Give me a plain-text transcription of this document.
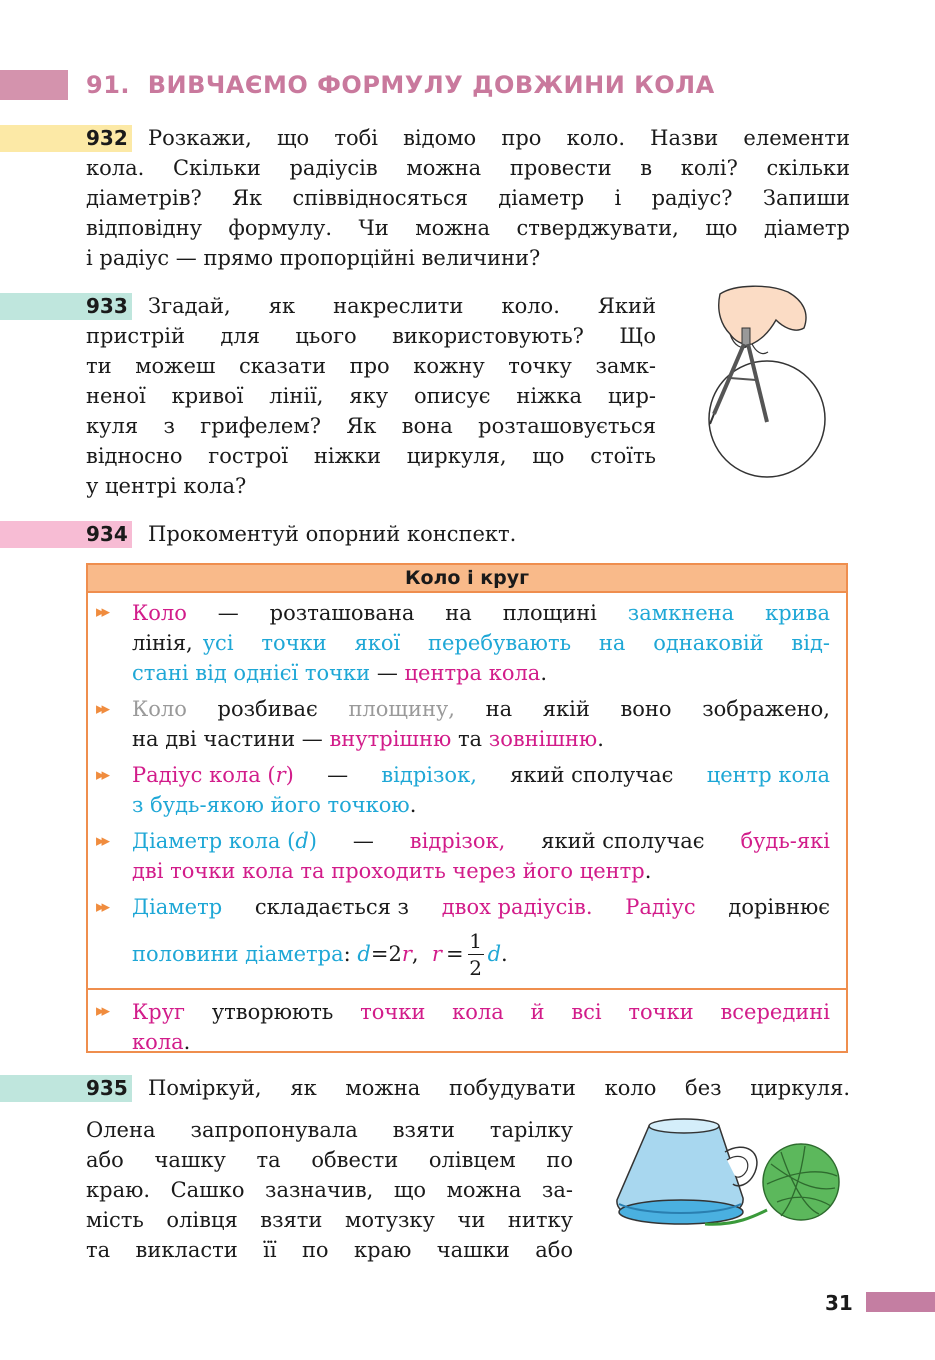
91. ВИВЧАЄМО ФОРМУЛУ ДОВЖИНИ КОЛА
932 Розкажи, що тобі відомо про коло. Назви елементи
кола. Скільки радіусів можна провести в колі? скільки
діаметрів? Як співвідносяться діаметр і радіус? Запиши
відповідну формулу. Чи можна стверджувати, що діаметр
і радіус — прямо пропорційні величини?
933 Згадай, як накреслити коло. Який
пристрій для цього використовують? Що
ти можеш сказати про кожну точку замк-
неної кривої лінії, яку описує ніжка цир-
куля з грифелем? Як вона розташовується
відносно гострої ніжки циркуля, що стоїть
у центрі кола?
934 Прокоментуй опорний конспект.
Коло і круг
▸▸
▸▸
▸▸
▸▸
▸▸
▸▸
Коло — розташована на площині замкнена крива
лінія, усі точки якої перебувають на однаковій від-
стані від однієї точки
—
центра кола .
Коло розбиває площину, на якій воно зображено,
на дві частини —
внутрішню
та
зовнішню .
Радіус кола (r) — відрізок, який сполучає центр кола
з будь-якою його точкою .
Діаметр кола (d) — відрізок, який сполучає будь-які
дві точки кола та проходить через його центр .
Діаметр складається з двох радіусів. Радіус дорівнює
половини діаметра :
d = 2 r ,
$r = \frac{1}{2}$ d .
Круг утворюють точки кола й всі точки всередині
кола .
935 Поміркуй, як можна побудувати коло без циркуля.
Олена запропонувала взяти тарілку
або чашку та обвести олівцем по
краю. Сашко зазначив, що можна за-
мість олівця взяти мотузку чи нитку
та викласти її по краю чашки або
31
